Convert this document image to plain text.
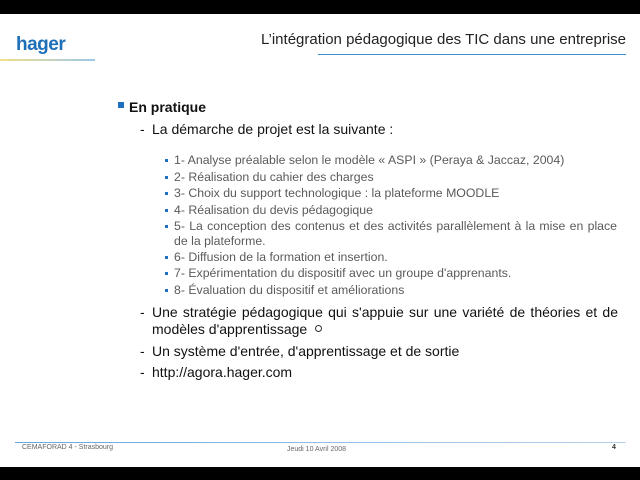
hager	L’intégration pédagogique des TIC dans une entreprise
En pratique
- La démarche de projet est la suivante :
1- Analyse préalable selon le modèle « ASPI » (Peraya & Jaccaz, 2004)
2- Réalisation du cahier des charges
3- Choix du support technologique : la plateforme MOODLE
4- Réalisation du devis pédagogique
5- La conception des contenus et des activités parallèlement à la mise en place de la plateforme.
6- Diffusion de la formation et insertion.
7- Expérimentation du dispositif avec un groupe d'apprenants.
8- Évaluation du dispositif et améliorations
- Une stratégie pédagogique qui s'appuie sur une variété de théories et de modèles d'apprentissage
- Un système d'entrée, d'apprentissage et de sortie
- http://agora.hager.com
CEMAFORAD 4 - Strasbourg	Jeudi 10 Avril 2008	4
